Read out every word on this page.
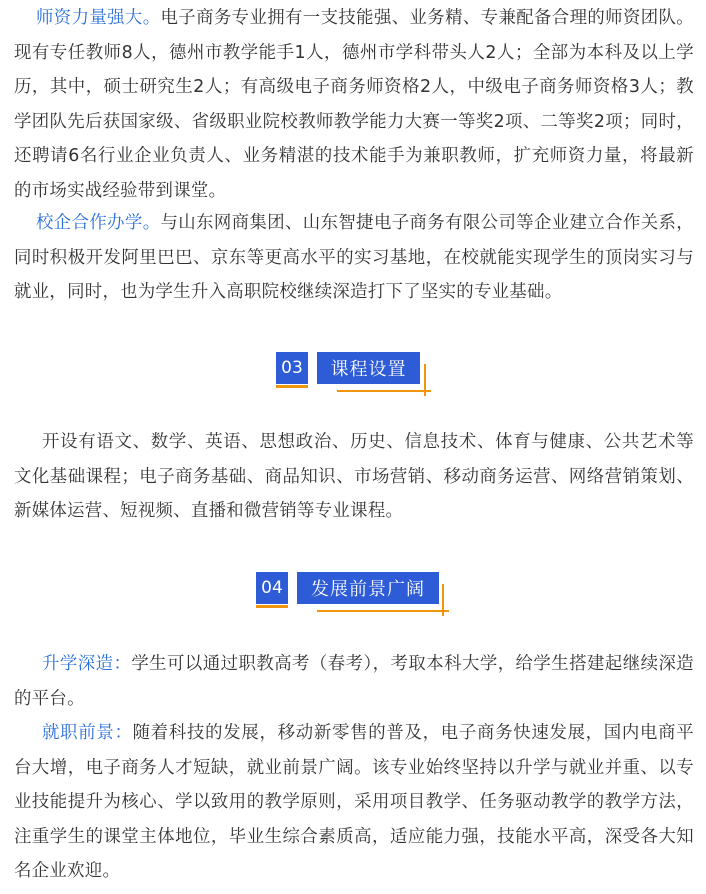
师资力量强大。电子商务专业拥有一支技能强、业务精、专兼配备合理的师资团队。现有专任教师8人，德州市教学能手1人，德州市学科带头人2人；全部为本科及以上学历，其中，硕士研究生2人；有高级电子商务师资格2人，中级电子商务师资格3人；教学团队先后获国家级、省级职业院校教师教学能力大赛一等奖2项、二等奖2项；同时，还聘请6名行业企业负责人、业务精湛的技术能手为兼职教师，扩充师资力量，将最新的市场实战经验带到课堂。

校企合作办学。与山东网商集团、山东智捷电子商务有限公司等企业建立合作关系，同时积极开发阿里巴巴、京东等更高水平的实习基地，在校就能实现学生的顶岗实习与就业，同时，也为学生升入高职院校继续深造打下了坚实的专业基础。

03	课程设置

开设有语文、数学、英语、思想政治、历史、信息技术、体育与健康、公共艺术等文化基础课程；电子商务基础、商品知识、市场营销、移动商务运营、网络营销策划、新媒体运营、短视频、直播和微营销等专业课程。

04	发展前景广阔

升学深造：学生可以通过职教高考（春考），考取本科大学，给学生搭建起继续深造的平台。

就职前景：随着科技的发展，移动新零售的普及，电子商务快速发展，国内电商平台大增，电子商务人才短缺，就业前景广阔。该专业始终坚持以升学与就业并重、以专业技能提升为核心、学以致用的教学原则，采用项目教学、任务驱动教学的教学方法，注重学生的课堂主体地位，毕业生综合素质高，适应能力强，技能水平高，深受各大知名企业欢迎。
